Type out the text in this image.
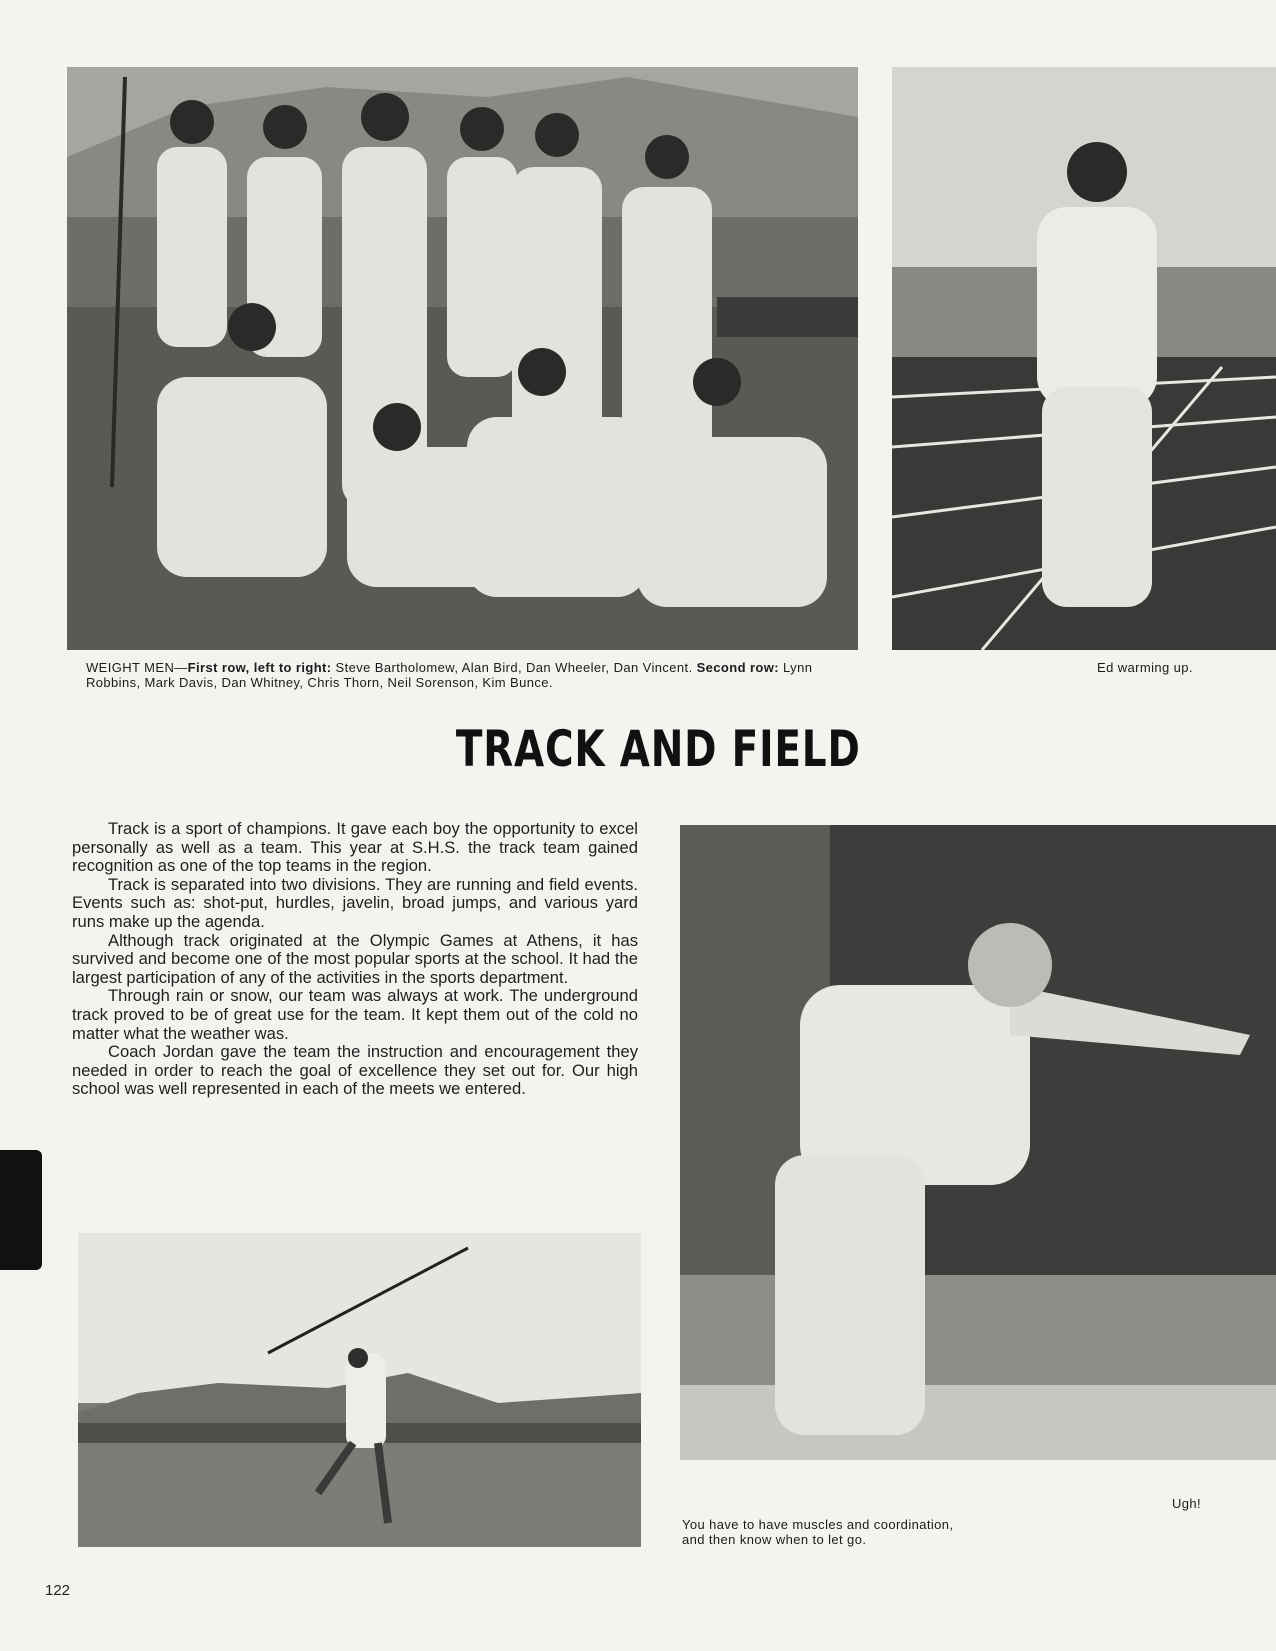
WEIGHT MEN—First row, left to right: Steve Bartholomew, Alan Bird, Dan Wheeler, Dan Vincent. Second row: Lynn Robbins, Mark Davis, Dan Whitney, Chris Thorn, Neil Sorenson, Kim Bunce.
Ed warming up.
TRACK AND FIELD

Track is a sport of champions. It gave each boy the opportunity to excel personally as well as a team. This year at S.H.S. the track team gained recognition as one of the top teams in the region.

Track is separated into two divisions. They are running and field events. Events such as: shot-put, hurdles, javelin, broad jumps, and various yard runs make up the agenda.

Although track originated at the Olympic Games at Athens, it has survived and become one of the most popular sports at the school. It had the largest participation of any of the activities in the sports department.

Through rain or snow, our team was always at work. The underground track proved to be of great use for the team. It kept them out of the cold no matter what the weather was.

Coach Jordan gave the team the instruction and encouragement they needed in order to reach the goal of excellence they set out for. Our high school was well represented in each of the meets we entered.

Ugh!
You have to have muscles and coordination,
and then know when to let go.
122
